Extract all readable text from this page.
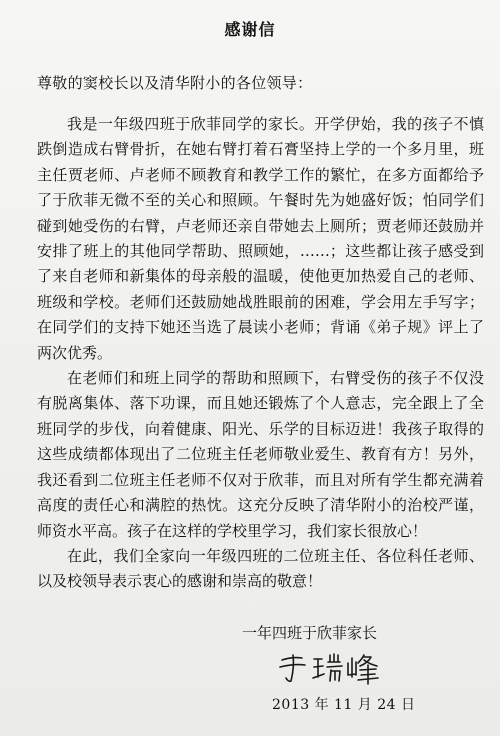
感谢信
尊敬的窦校长以及清华附小的各位领导：

我是一年级四班于欣菲同学的家长。开学伊始，我的孩子不慎跌倒造成右臂骨折，在她右臂打着石膏坚持上学的一个多月里，班主任贾老师、卢老师不顾教育和教学工作的繁忙，在多方面都给予了于欣菲无微不至的关心和照顾。午餐时先为她盛好饭；怕同学们碰到她受伤的右臂，卢老师还亲自带她去上厕所；贾老师还鼓励并安排了班上的其他同学帮助、照顾她，……；这些都让孩子感受到了来自老师和新集体的母亲般的温暖，使他更加热爱自己的老师、班级和学校。老师们还鼓励她战胜眼前的困难，学会用左手写字；在同学们的支持下她还当选了晨读小老师；背诵《弟子规》评上了两次优秀。

在老师们和班上同学的帮助和照顾下，右臂受伤的孩子不仅没有脱离集体、落下功课，而且她还锻炼了个人意志，完全跟上了全班同学的步伐，向着健康、阳光、乐学的目标迈进！我孩子取得的这些成绩都体现出了二位班主任老师敬业爱生、教育有方！另外，我还看到二位班主任老师不仅对于欣菲，而且对所有学生都充满着高度的责任心和满腔的热忱。这充分反映了清华附小的治校严谨，师资水平高。孩子在这样的学校里学习，我们家长很放心！

在此，我们全家向一年级四班的二位班主任、各位科任老师、以及校领导表示衷心的感谢和崇高的敬意！

一年四班于欣菲家长
2013 年 11 月 24 日
